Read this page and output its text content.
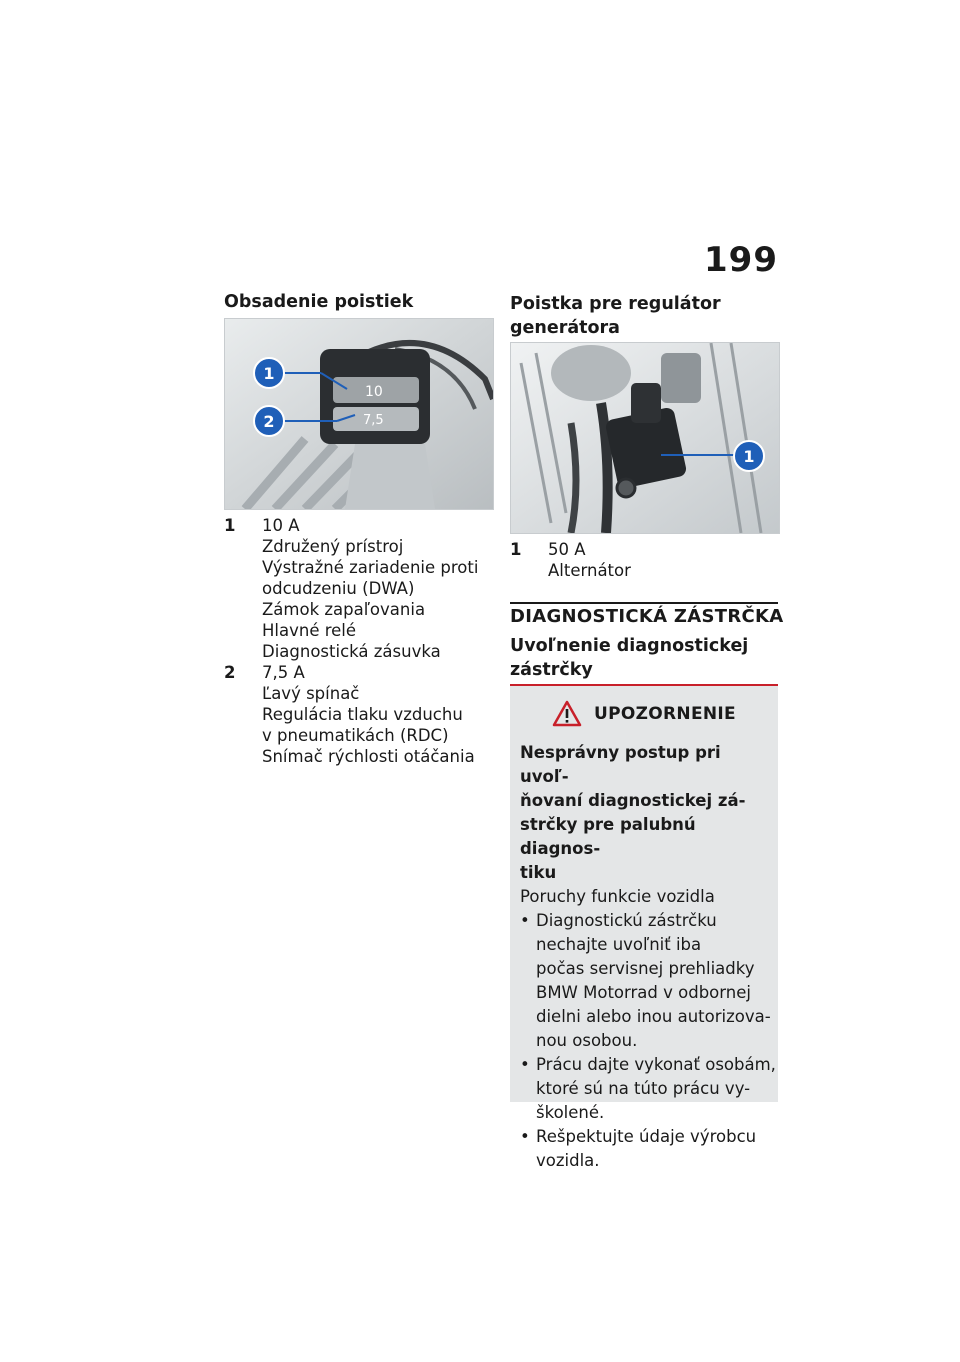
199
Obsadenie poistiek
10
7,5
1
2
1	10 A
Združený prístroj
Výstražné zariadenie proti
odcudzeniu (DWA)
Zámok zapaľovania
Hlavné relé
Diagnostická zásuvka
2	7,5 A
Ľavý spínač
Regulácia tlaku vzduchu
v pneumatikách (RDC)
Snímač rýchlosti otáčania
Poistka pre regulátor
generátora
1
1	50 A
Alternátor
DIAGNOSTICKÁ ZÁSTRČKA
Uvoľnenie diagnostickej
zástrčky
UPOZORNENIE
Nesprávny postup pri uvoľ-
ňovaní diagnostickej zá-
strčky pre palubnú diagnos-
tiku
Poruchy funkcie vozidla
• Diagnostickú zástrčku
nechajte uvoľniť iba
počas servisnej prehliadky
BMW Motorrad v odbornej
dielni alebo inou autorizova-
nou osobou.
• Prácu dajte vykonať osobám,
ktoré sú na túto prácu vy-
školené.
• Rešpektujte údaje výrobcu
vozidla.
